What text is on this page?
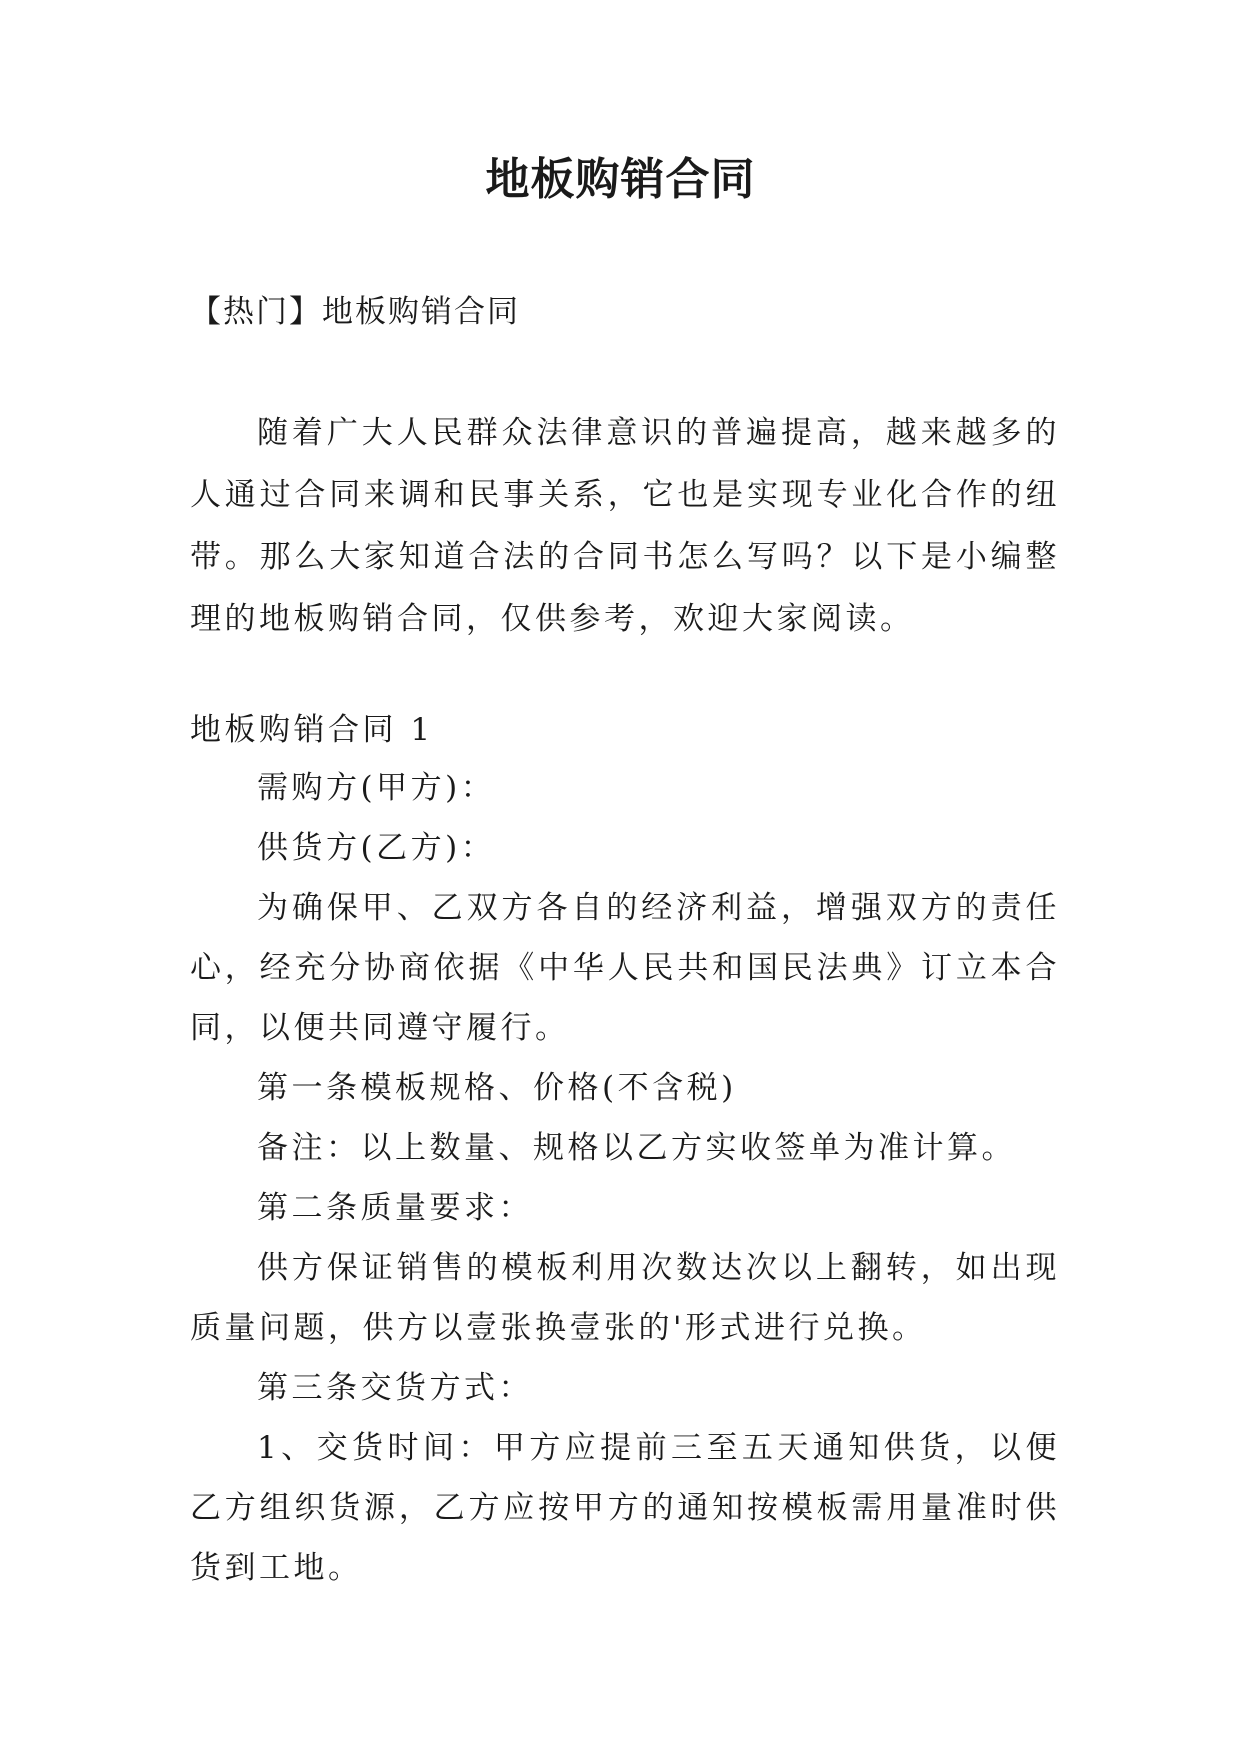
地板购销合同
【热门】地板购销合同

随着广大人民群众法律意识的普遍提高，越来越多的人通过合同来调和民事关系，它也是实现专业化合作的纽带。那么大家知道合法的合同书怎么写吗？以下是小编整理的地板购销合同，仅供参考，欢迎大家阅读。

地板购销合同 1

需购方(甲方)：

供货方(乙方)：

为确保甲、乙双方各自的经济利益，增强双方的责任心，经充分协商依据《中华人民共和国民法典》订立本合同，以便共同遵守履行。

第一条模板规格、价格(不含税)

备注：以上数量、规格以乙方实收签单为准计算。

第二条质量要求：

供方保证销售的模板利用次数达次以上翻转，如出现质量问题，供方以壹张换壹张的'形式进行兑换。

第三条交货方式：

1、交货时间：甲方应提前三至五天通知供货，以便乙方组织货源，乙方应按甲方的通知按模板需用量准时供货到工地。
